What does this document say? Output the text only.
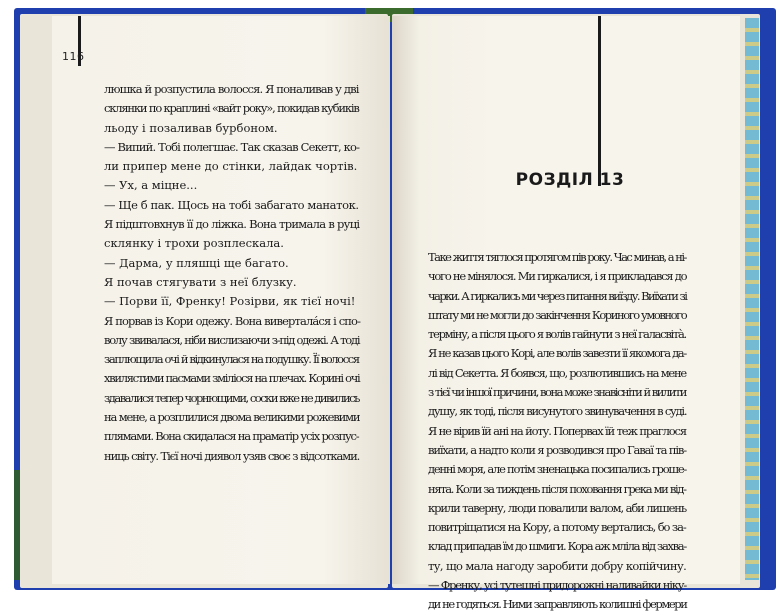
116
люшка й розпустила волосся. Я поналивав у дві
склянки по краплині «вайт року», покидав кубиків
льоду і позаливав бурбоном.
— Випий. Тобі полегшає. Так сказав Секетт, ко-
ли припер мене до стінки, лайдак чортів.
— Ух, а міцне...
— Ще б пак. Щось на тобі забагато манаток.
Я підштовхнув її до ліжка. Вона тримала в руці
склянку і трохи розплескала.
— Дарма, у пляшці ще багато.
Я почав стягувати з неї блузку.
— Порви її, Френку! Розірви, як тієї ночі!
Я порвав із Кори одежу. Вона вивертала́ся і спо-
волу звивалася, ніби вислизаючи з-під одежі. А тоді
заплющила очі й відкинулася на подушку. Її волосся
хвилястими пасмами зміліося на плечах. Корині очі
здавалися тепер чорнющими, соски вже не дивились
на мене, а розплилися двома великими рожевими
плямами. Вона скидалася на праматір усіх розпус-
ниць світу. Тієї ночі диявол узяв своє з відсотками.
РОЗДІЛ 13
Таке життя тяглося протягом пів року. Час минав, а ні-
чого не мінялося. Ми гиркалися, і я прикладався до
чарки. А гиркались ми через питання виїзду. Виїхати зі
штату ми не могли до закінчення Кориного умовного
терміну, а після цього я волів гайнути з неї галасвітà.
Я не казав цього Корі, але волів завезти її якомога да-
лі від Секетта. Я боявся, що, розлютившись на мене
з тієї чи іншої причини, вона може знавісніти й вилити
душу, як тоді, після висунутого звинувачення в суді.
Я не вірив їй ані на йоту. Поперваx їй теж праглося
виїхати, а надто коли я розводився про Гаваї та пів-
денні моря, але потім зненацька посипались гроше-
нята. Коли за тиждень після поховання грека ми від-
крили таверну, люди повалили валом, аби лишень
повитріщатися на Кору, а потому вертались, бо за-
клад припадав їм до шмиги. Кора аж мліла від захва-
ту, що мала нагоду заробити добру копійчину.
— Френку, усі тутешні придорожні наливайки ніку-
ди не годяться. Ними заправляють колишні фермери
